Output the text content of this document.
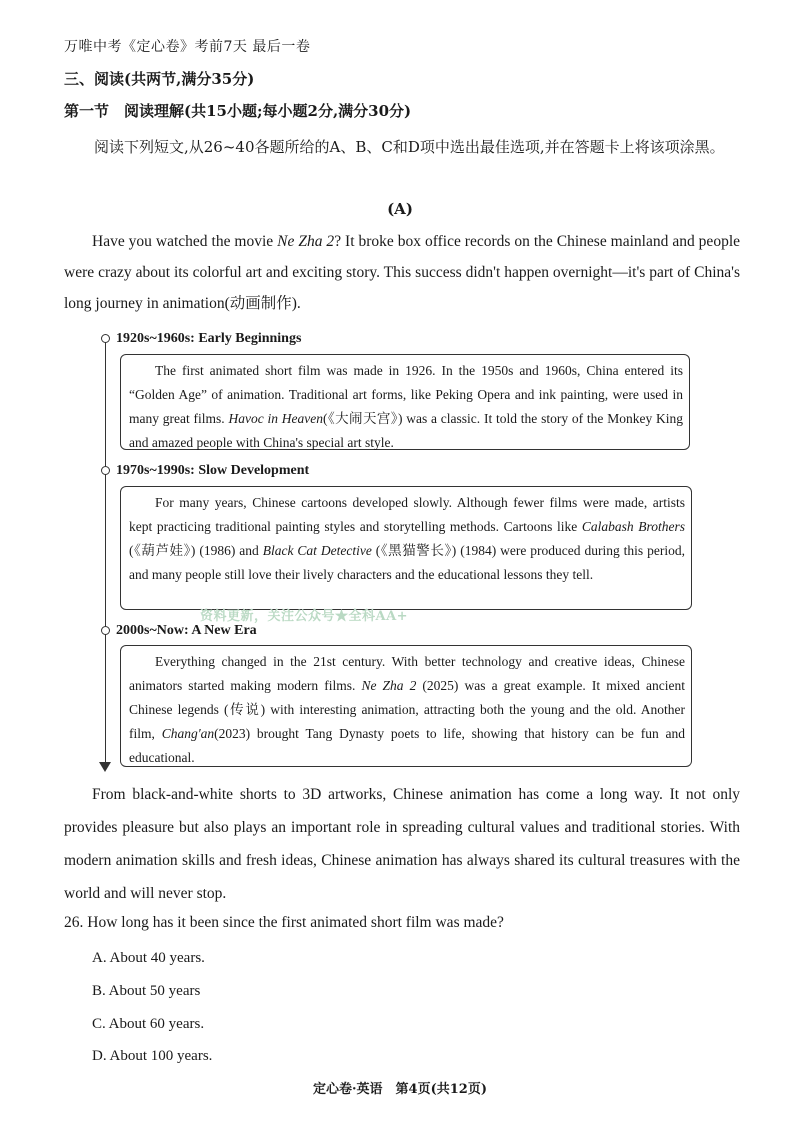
万唯中考《定心卷》考前7天 最后一卷
三、阅读(共两节,满分35分)
第一节　阅读理解(共15小题;每小题2分,满分30分)
阅读下列短文,从26~40各题所给的A、B、C和D项中选出最佳选项,并在答题卡上将该项涂黑。
(A)
Have you watched the movie Ne Zha 2? It broke box office records on the Chinese mainland and people were crazy about its colorful art and exciting story. This success didn't happen overnight—it's part of China's long journey in animation(动画制作).
1920s~1960s: Early Beginnings

The first animated short film was made in 1926. In the 1950s and 1960s, China entered its “Golden Age” of animation. Traditional art forms, like Peking Opera and ink painting, were used in many great films. Havoc in Heaven(《大闹天宫》) was a classic. It told the story of the Monkey King and amazed people with China's special art style.

1970s~1990s: Slow Development

For many years, Chinese cartoons developed slowly. Although fewer films were made, artists kept practicing traditional painting styles and storytelling methods. Cartoons like Calabash Brothers (《葫芦娃》) (1986) and Black Cat Detective (《黑猫警长》) (1984) were produced during this period, and many people still love their lively characters and the educational lessons they tell.

资料更新，关注公众号★全科AA+
2000s~Now: A New Era

Everything changed in the 21st century. With better technology and creative ideas, Chinese animators started making modern films. Ne Zha 2 (2025) was a great example. It mixed ancient Chinese legends (传说) with interesting animation, attracting both the young and the old. Another film, Chang'an(2023) brought Tang Dynasty poets to life, showing that history can be fun and educational.

From black-and-white shorts to 3D artworks, Chinese animation has come a long way. It not only provides pleasure but also plays an important role in spreading cultural values and traditional stories. With modern animation skills and fresh ideas, Chinese animation has always shared its cultural treasures with the world and will never stop.
26. How long has it been since the first animated short film was made?
A. About 40 years.
B. About 50 years
C. About 60 years.
D. About 100 years.
定心卷·英语　第4页(共12页)
